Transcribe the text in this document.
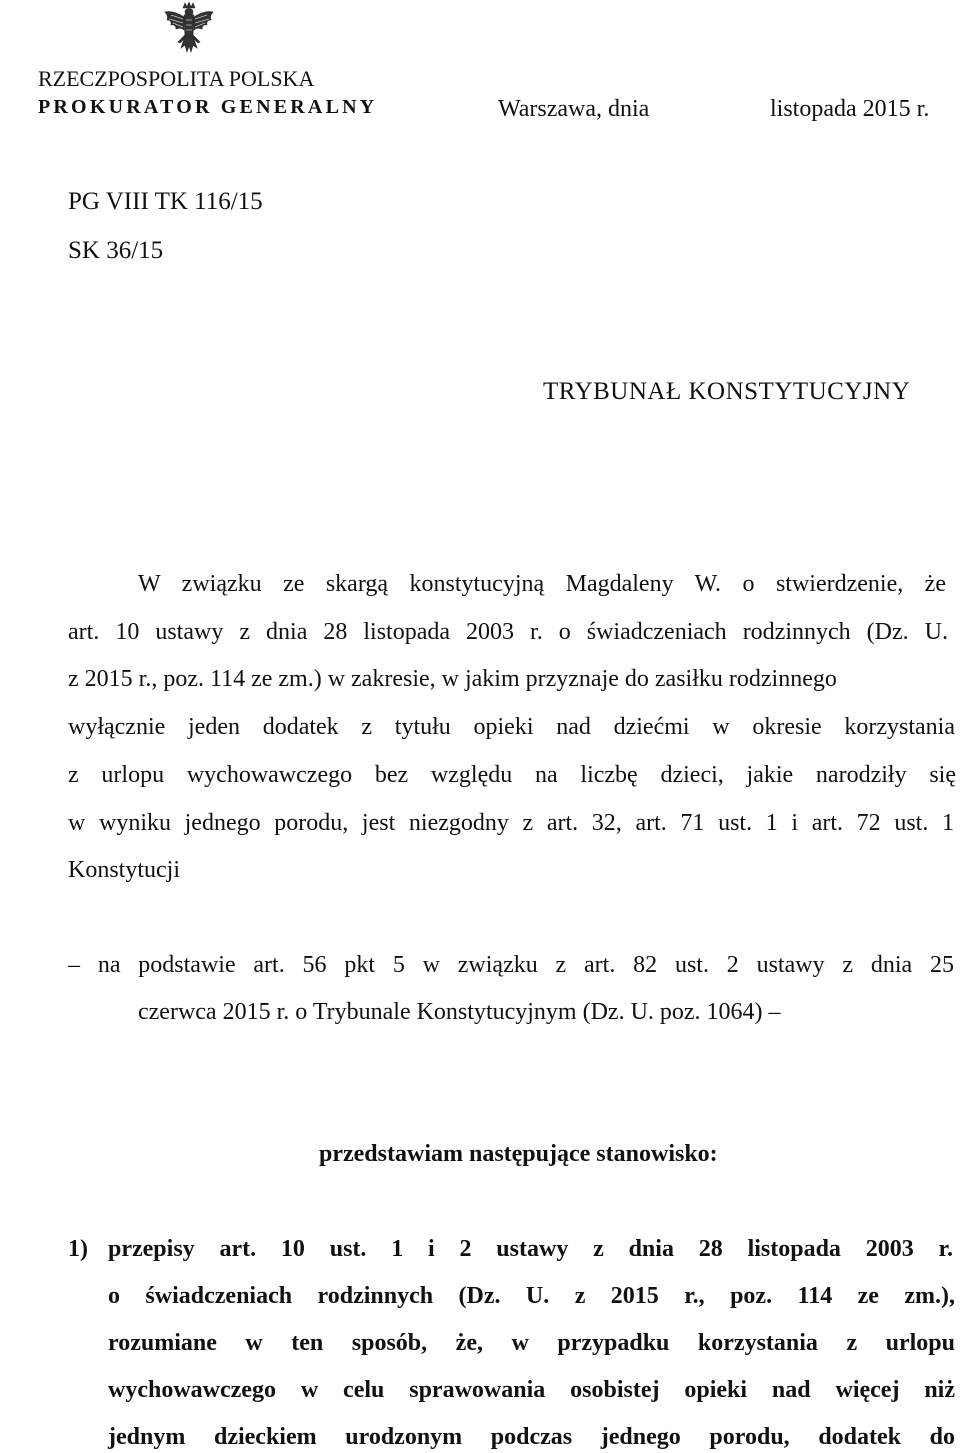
RZECZPOSPOLITA POLSKA
PROKURATOR GENERALNY	Warszawa, dnia	listopada 2015 r.
PG VIII TK 116/15
SK 36/15
TRYBUNAŁ KONSTYTUCYJNY
W związku ze skargą konstytucyjną Magdaleny W. o stwierdzenie, że
art. 10 ustawy z dnia 28 listopada 2003 r. o świadczeniach rodzinnych (Dz. U.
z 2015 r., poz. 114 ze zm.) w zakresie, w jakim przyznaje do zasiłku rodzinnego
wyłącznie jeden dodatek z tytułu opieki nad dziećmi w okresie korzystania
z urlopu wychowawczego bez względu na liczbę dzieci, jakie narodziły się
w wyniku jednego porodu, jest niezgodny z art. 32, art. 71 ust. 1 i art. 72 ust. 1
Konstytucji
– na podstawie art. 56 pkt 5 w związku z art. 82 ust. 2 ustawy z dnia 25
czerwca 2015 r. o Trybunale Konstytucyjnym (Dz. U. poz. 1064) –
przedstawiam następujące stanowisko:
1) przepisy art. 10 ust. 1 i 2 ustawy z dnia 28 listopada 2003 r.
o świadczeniach rodzinnych (Dz. U. z 2015 r., poz. 114 ze zm.),
rozumiane w ten sposób, że, w przypadku korzystania z urlopu
wychowawczego w celu sprawowania osobistej opieki nad więcej niż
jednym dzieckiem urodzonym podczas jednego porodu, dodatek do
